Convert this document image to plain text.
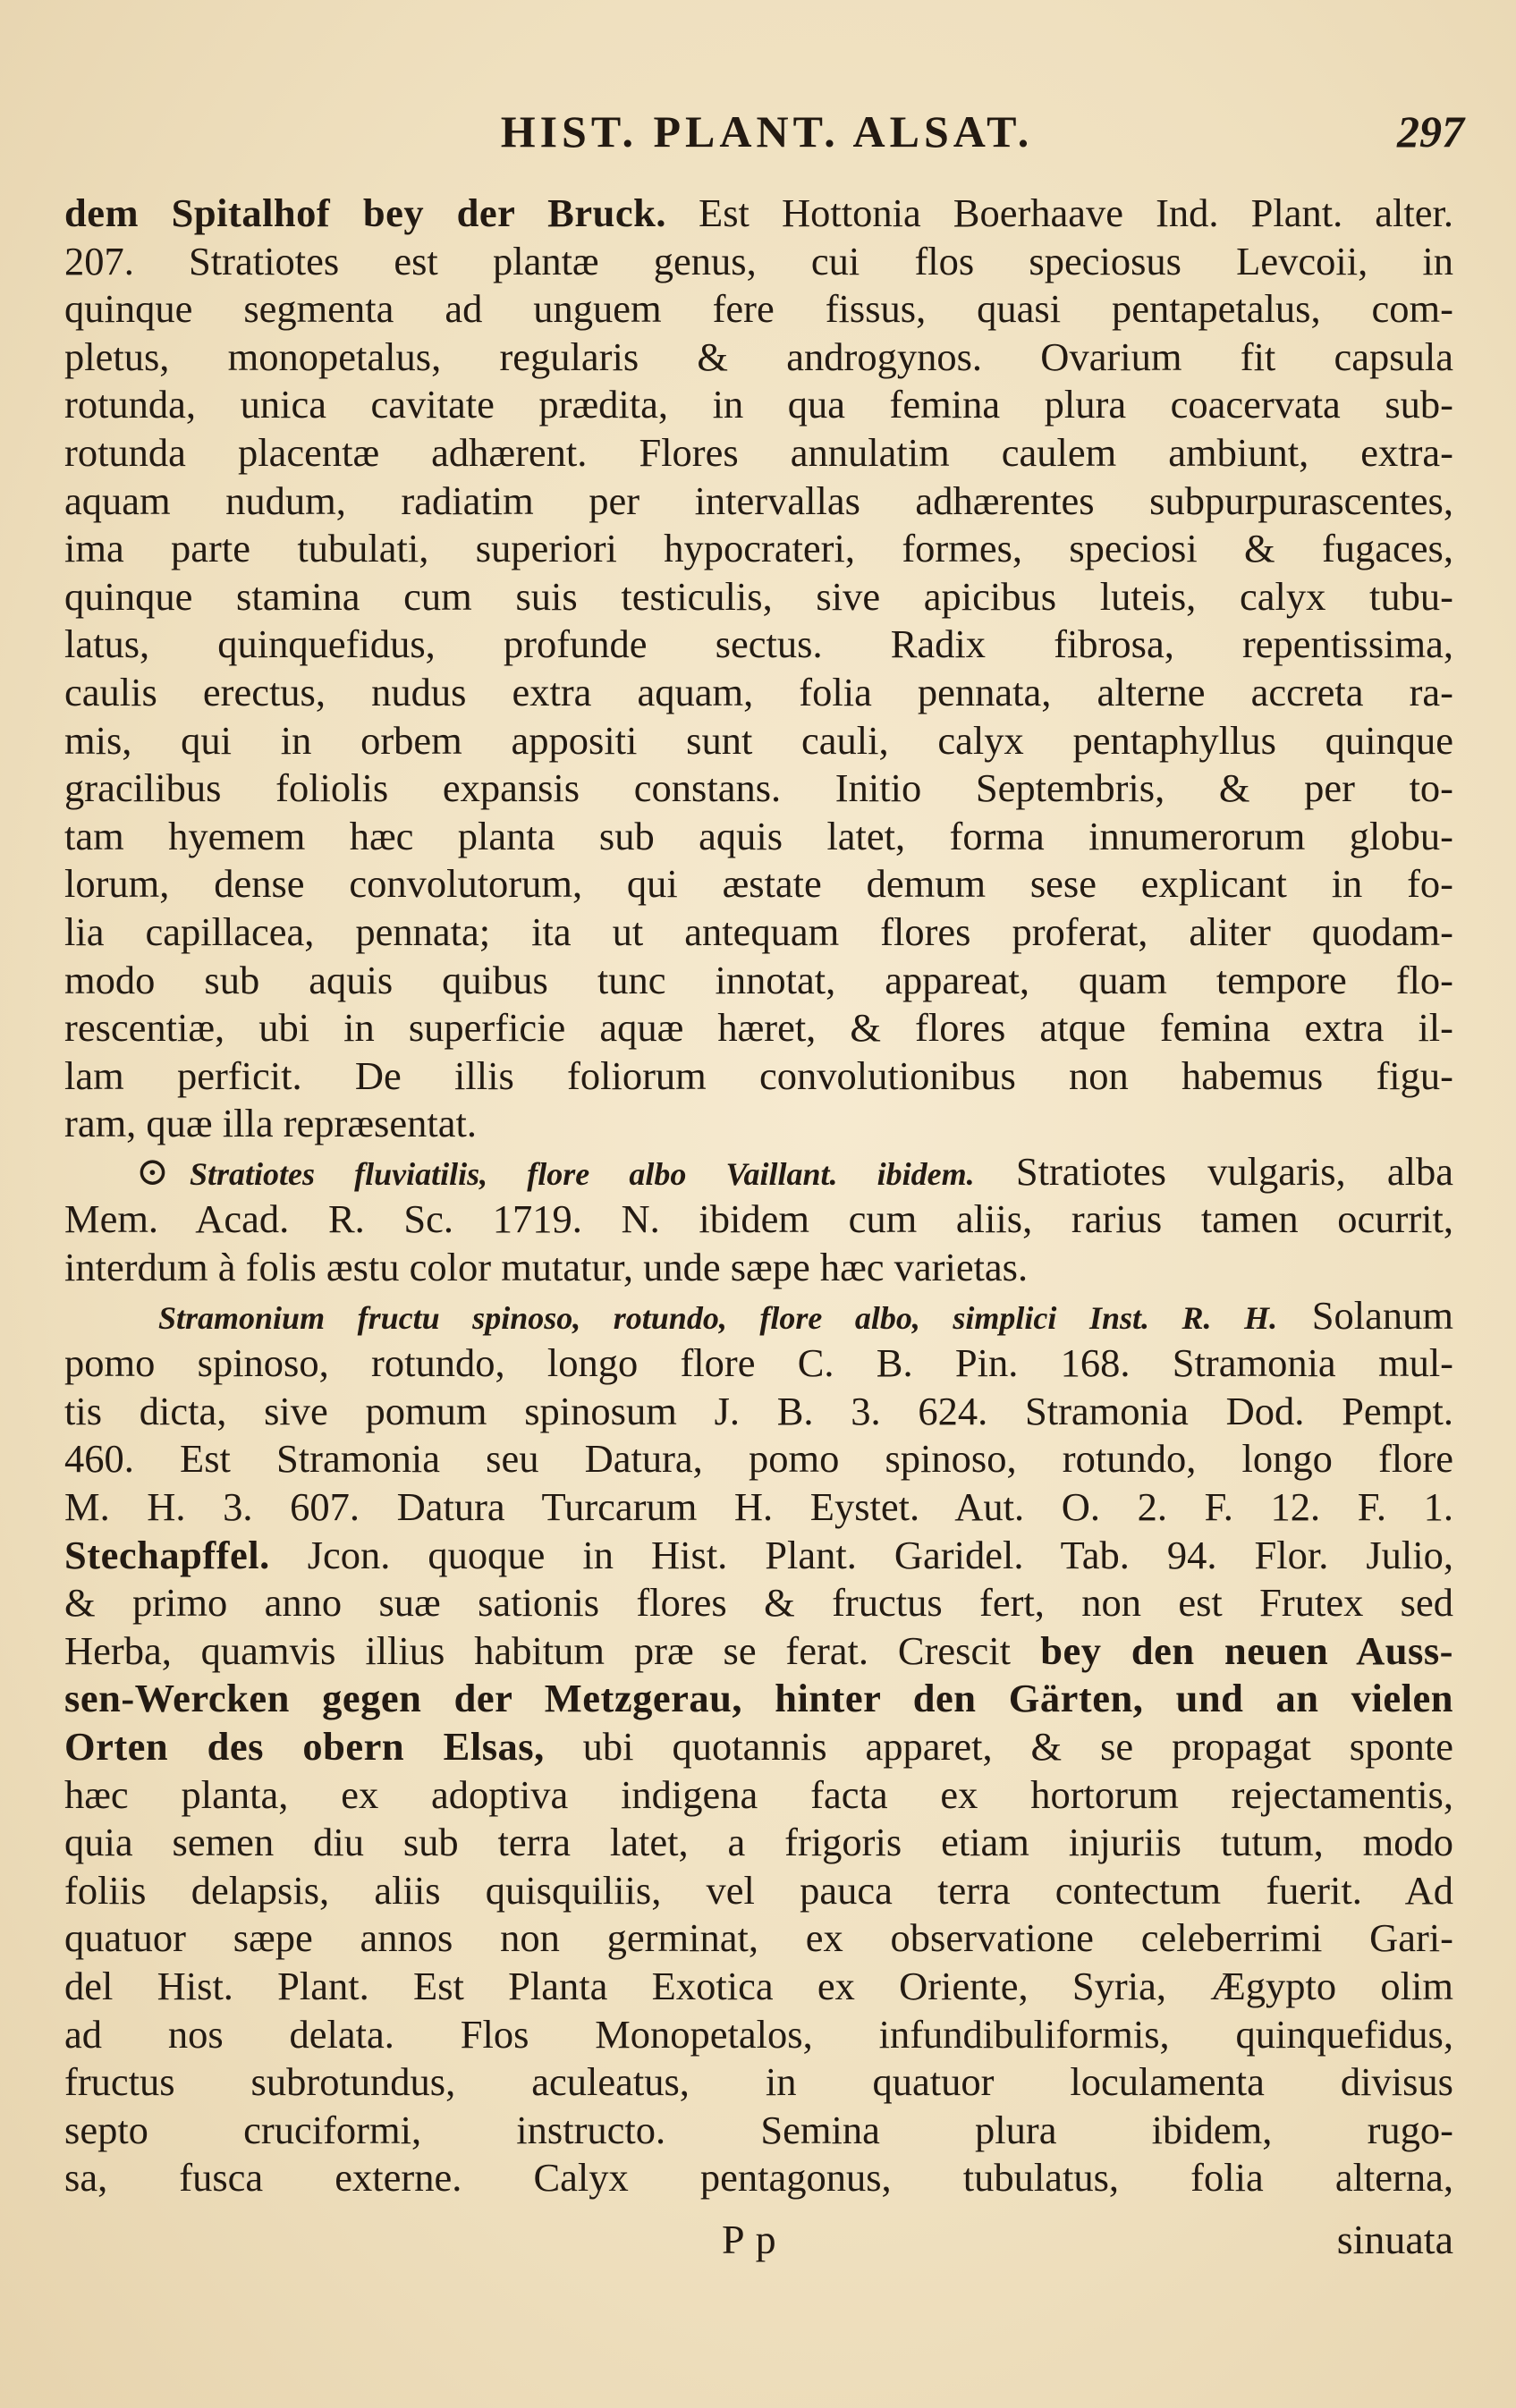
HIST. PLANT. ALSAT.	297
dem Spitalhof bey der Bruck. Est Hottonia Boerhaave Ind. Plant. alter.
207. Stratiotes est plantæ genus, cui flos speciosus Levcoii, in
quinque segmenta ad unguem fere fissus, quasi pentapetalus, com-
pletus, monopetalus, regularis & androgynos. Ovarium fit capsula
rotunda, unica cavitate prædita, in qua femina plura coacervata sub-
rotunda placentæ adhærent. Flores annulatim caulem ambiunt, extra-
aquam nudum, radiatim per intervallas adhærentes subpurpurascentes,
ima parte tubulati, superiori hypocrateri, formes, speciosi & fugaces,
quinque stamina cum suis testiculis, sive apicibus luteis, calyx tubu-
latus, quinquefidus, profunde sectus. Radix fibrosa, repentissima,
caulis erectus, nudus extra aquam, folia pennata, alterne accreta ra-
mis, qui in orbem appositi sunt cauli, calyx pentaphyllus quinque
gracilibus foliolis expansis constans. Initio Septembris, & per to-
tam hyemem hæc planta sub aquis latet, forma innumerorum globu-
lorum, dense convolutorum, qui æstate demum sese explicant in fo-
lia capillacea, pennata; ita ut antequam flores proferat, aliter quodam-
modo sub aquis quibus tunc innotat, appareat, quam tempore flo-
rescentiæ, ubi in superficie aquæ hæret, & flores atque femina extra il-
lam perficit. De illis foliorum convolutionibus non habemus figu-
ram, quæ illa repræsentat.
⊙ Stratiotes fluviatilis, flore albo Vaillant. ibidem. Stratiotes vulgaris, alba
Mem. Acad. R. Sc. 1719. N. ibidem cum aliis, rarius tamen ocurrit,
interdum à folis æstu color mutatur, unde sæpe hæc varietas.
Stramonium fructu spinoso, rotundo, flore albo, simplici Inst. R. H. Solanum
pomo spinoso, rotundo, longo flore C. B. Pin. 168. Stramonia mul-
tis dicta, sive pomum spinosum J. B. 3. 624. Stramonia Dod. Pempt.
460. Est Stramonia seu Datura, pomo spinoso, rotundo, longo flore
M. H. 3. 607. Datura Turcarum H. Eystet. Aut. O. 2. F. 12. F. 1.
Stechapffel. Jcon. quoque in Hist. Plant. Garidel. Tab. 94. Flor. Julio,
& primo anno suæ sationis flores & fructus fert, non est Frutex sed
Herba, quamvis illius habitum præ se ferat. Crescit bey den neuen Auss-
sen-Wercken gegen der Metzgerau, hinter den Gärten, und an vielen
Orten des obern Elsas, ubi quotannis apparet, & se propagat sponte
hæc planta, ex adoptiva indigena facta ex hortorum rejectamentis,
quia semen diu sub terra latet, a frigoris etiam injuriis tutum, modo
foliis delapsis, aliis quisquiliis, vel pauca terra contectum fuerit. Ad
quatuor sæpe annos non germinat, ex observatione celeberrimi Gari-
del Hist. Plant. Est Planta Exotica ex Oriente, Syria, Ægypto olim
ad nos delata. Flos Monopetalos, infundibuliformis, quinquefidus,
fructus subrotundus, aculeatus, in quatuor loculamenta divisus
septo cruciformi, instructo. Semina plura ibidem, rugo-
sa, fusca externe. Calyx pentagonus, tubulatus, folia alterna,
Pp	sinuata
